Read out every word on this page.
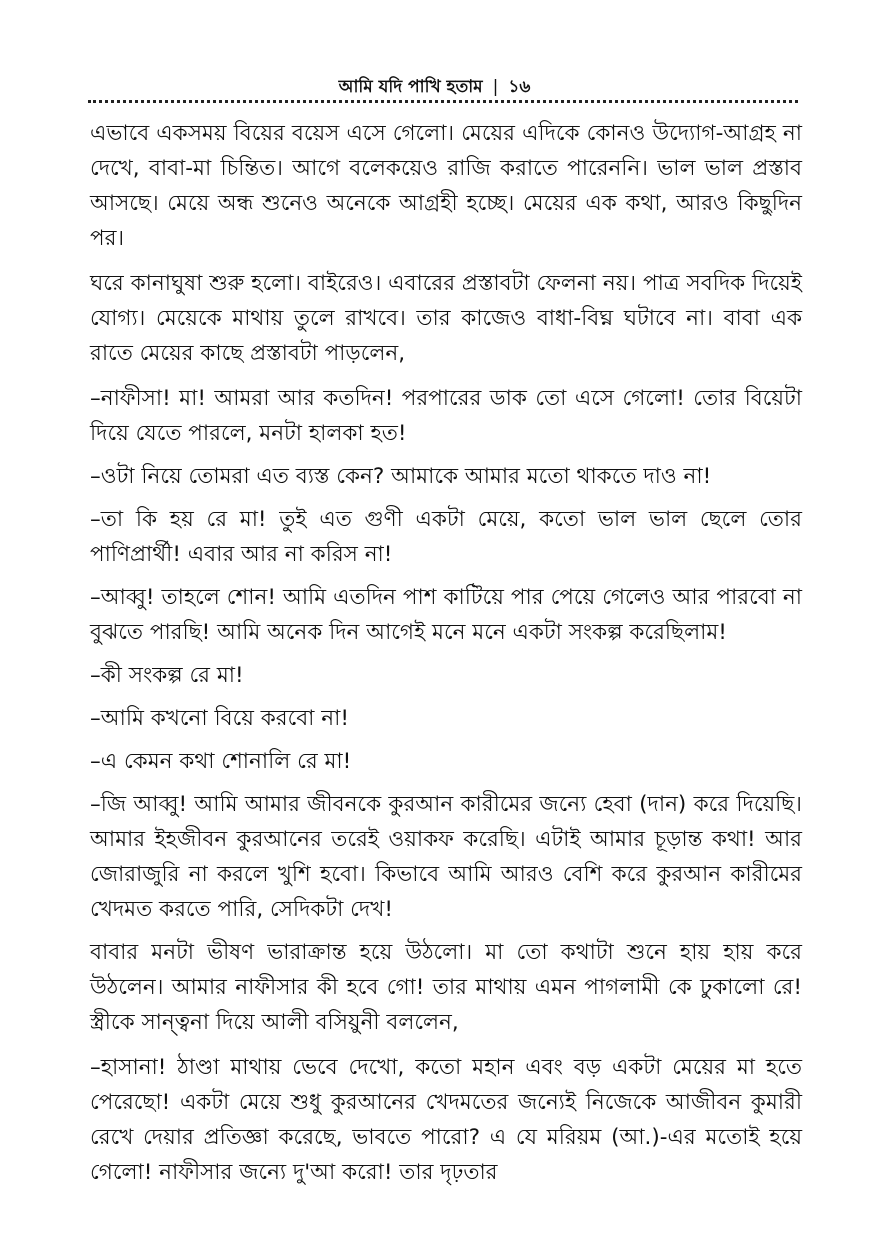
আমি যদি পাখি হতাম | ১৬

এভাবে একসময় বিয়ের বয়েস এসে গেলো। মেয়ের এদিকে কোনও উদ্যোগ-আগ্রহ না দেখে, বাবা-মা চিন্তিত। আগে বলেকয়েও রাজি করাতে পারেননি। ভাল ভাল প্রস্তাব আসছে। মেয়ে অন্ধ শুনেও অনেকে আগ্রহী হচ্ছে। মেয়ের এক কথা, আরও কিছুদিন পর।

ঘরে কানাঘুষা শুরু হলো। বাইরেও। এবারের প্রস্তাবটা ফেলনা নয়। পাত্র সবদিক দিয়েই যোগ্য। মেয়েকে মাথায় তুলে রাখবে। তার কাজেও বাধা-বিঘ্ন ঘটাবে না। বাবা এক রাতে মেয়ের কাছে প্রস্তাবটা পাড়লেন,

–নাফীসা! মা! আমরা আর কতদিন! পরপারের ডাক তো এসে গেলো! তোর বিয়েটা দিয়ে যেতে পারলে, মনটা হালকা হত!

–ওটা নিয়ে তোমরা এত ব্যস্ত কেন? আমাকে আমার মতো থাকতে দাও না!

–তা কি হয় রে মা! তুই এত গুণী একটা মেয়ে, কতো ভাল ভাল ছেলে তোর পাণিপ্রার্থী! এবার আর না করিস না!

–আব্বু! তাহলে শোন! আমি এতদিন পাশ কাটিয়ে পার পেয়ে গেলেও আর পারবো না বুঝতে পারছি! আমি অনেক দিন আগেই মনে মনে একটা সংকল্প করেছিলাম!

–কী সংকল্প রে মা!

–আমি কখনো বিয়ে করবো না!

–এ কেমন কথা শোনালি রে মা!

–জি আব্বু! আমি আমার জীবনকে কুরআন কারীমের জন্যে হেবা (দান) করে দিয়েছি। আমার ইহজীবন কুরআনের তরেই ওয়াকফ করেছি। এটাই আমার চূড়ান্ত কথা! আর জোরাজুরি না করলে খুশি হবো। কিভাবে আমি আরও বেশি করে কুরআন কারীমের খেদমত করতে পারি, সেদিকটা দেখ!

বাবার মনটা ভীষণ ভারাক্রান্ত হয়ে উঠলো। মা তো কথাটা শুনে হায় হায় করে উঠলেন। আমার নাফীসার কী হবে গো! তার মাথায় এমন পাগলামী কে ঢুকালো রে! স্ত্রীকে সান্ত্বনা দিয়ে আলী বসিয়ুনী বললেন,

–হাসানা! ঠাণ্ডা মাথায় ভেবে দেখো, কতো মহান এবং বড় একটা মেয়ের মা হতে পেরেছো! একটা মেয়ে শুধু কুরআনের খেদমতের জন্যেই নিজেকে আজীবন কুমারী রেখে দেয়ার প্রতিজ্ঞা করেছে, ভাবতে পারো? এ যে মরিয়ম (আ.)-এর মতোই হয়ে গেলো! নাফীসার জন্যে দু'আ করো! তার দৃঢ়তার
